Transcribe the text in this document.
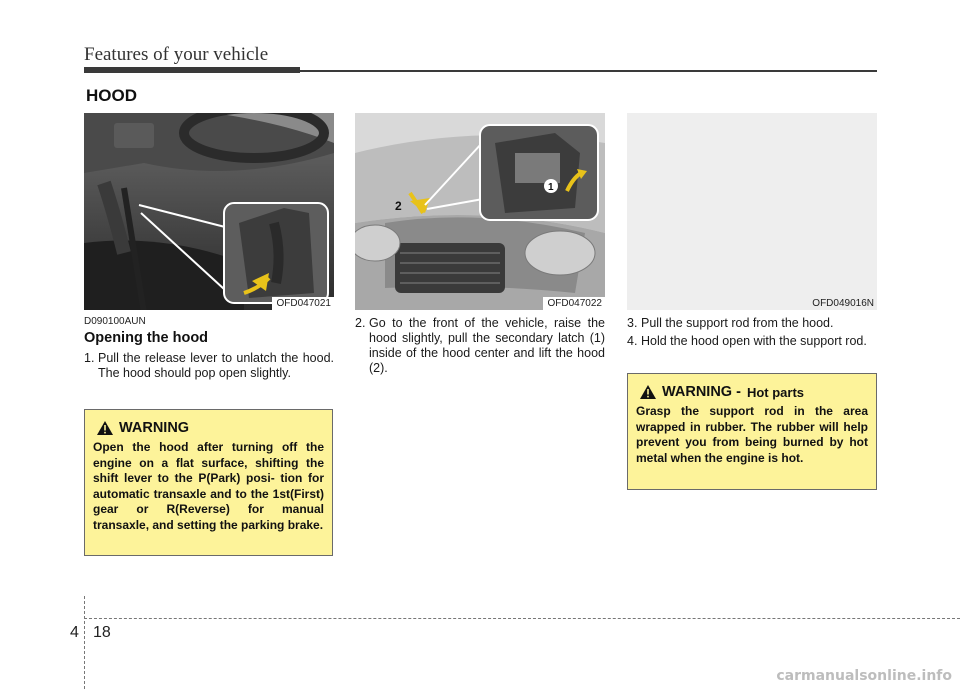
Features of your vehicle
HOOD
OFD047021
2
1
OFD047022	OFD049016N
D090100AUN
Opening the hood
1. Pull the release lever to unlatch the hood. The hood should pop open slightly.
WARNING
Open the hood after turning off the engine on a flat surface, shifting the shift lever to the P(Park) posi- tion for automatic transaxle and to the 1st(First) gear or R(Reverse) for manual transaxle, and setting the parking brake.
2. Go to the front of the vehicle, raise the hood slightly, pull the secondary latch (1) inside of the hood center and lift the hood (2).
3. Pull the support rod from the hood.
4. Hold the hood open with the support rod.
WARNING - Hot parts
Grasp the support rod in the area wrapped in rubber. The rubber will help prevent you from being burned by hot metal when the engine is hot.
4 18
carmanualsonline.info
